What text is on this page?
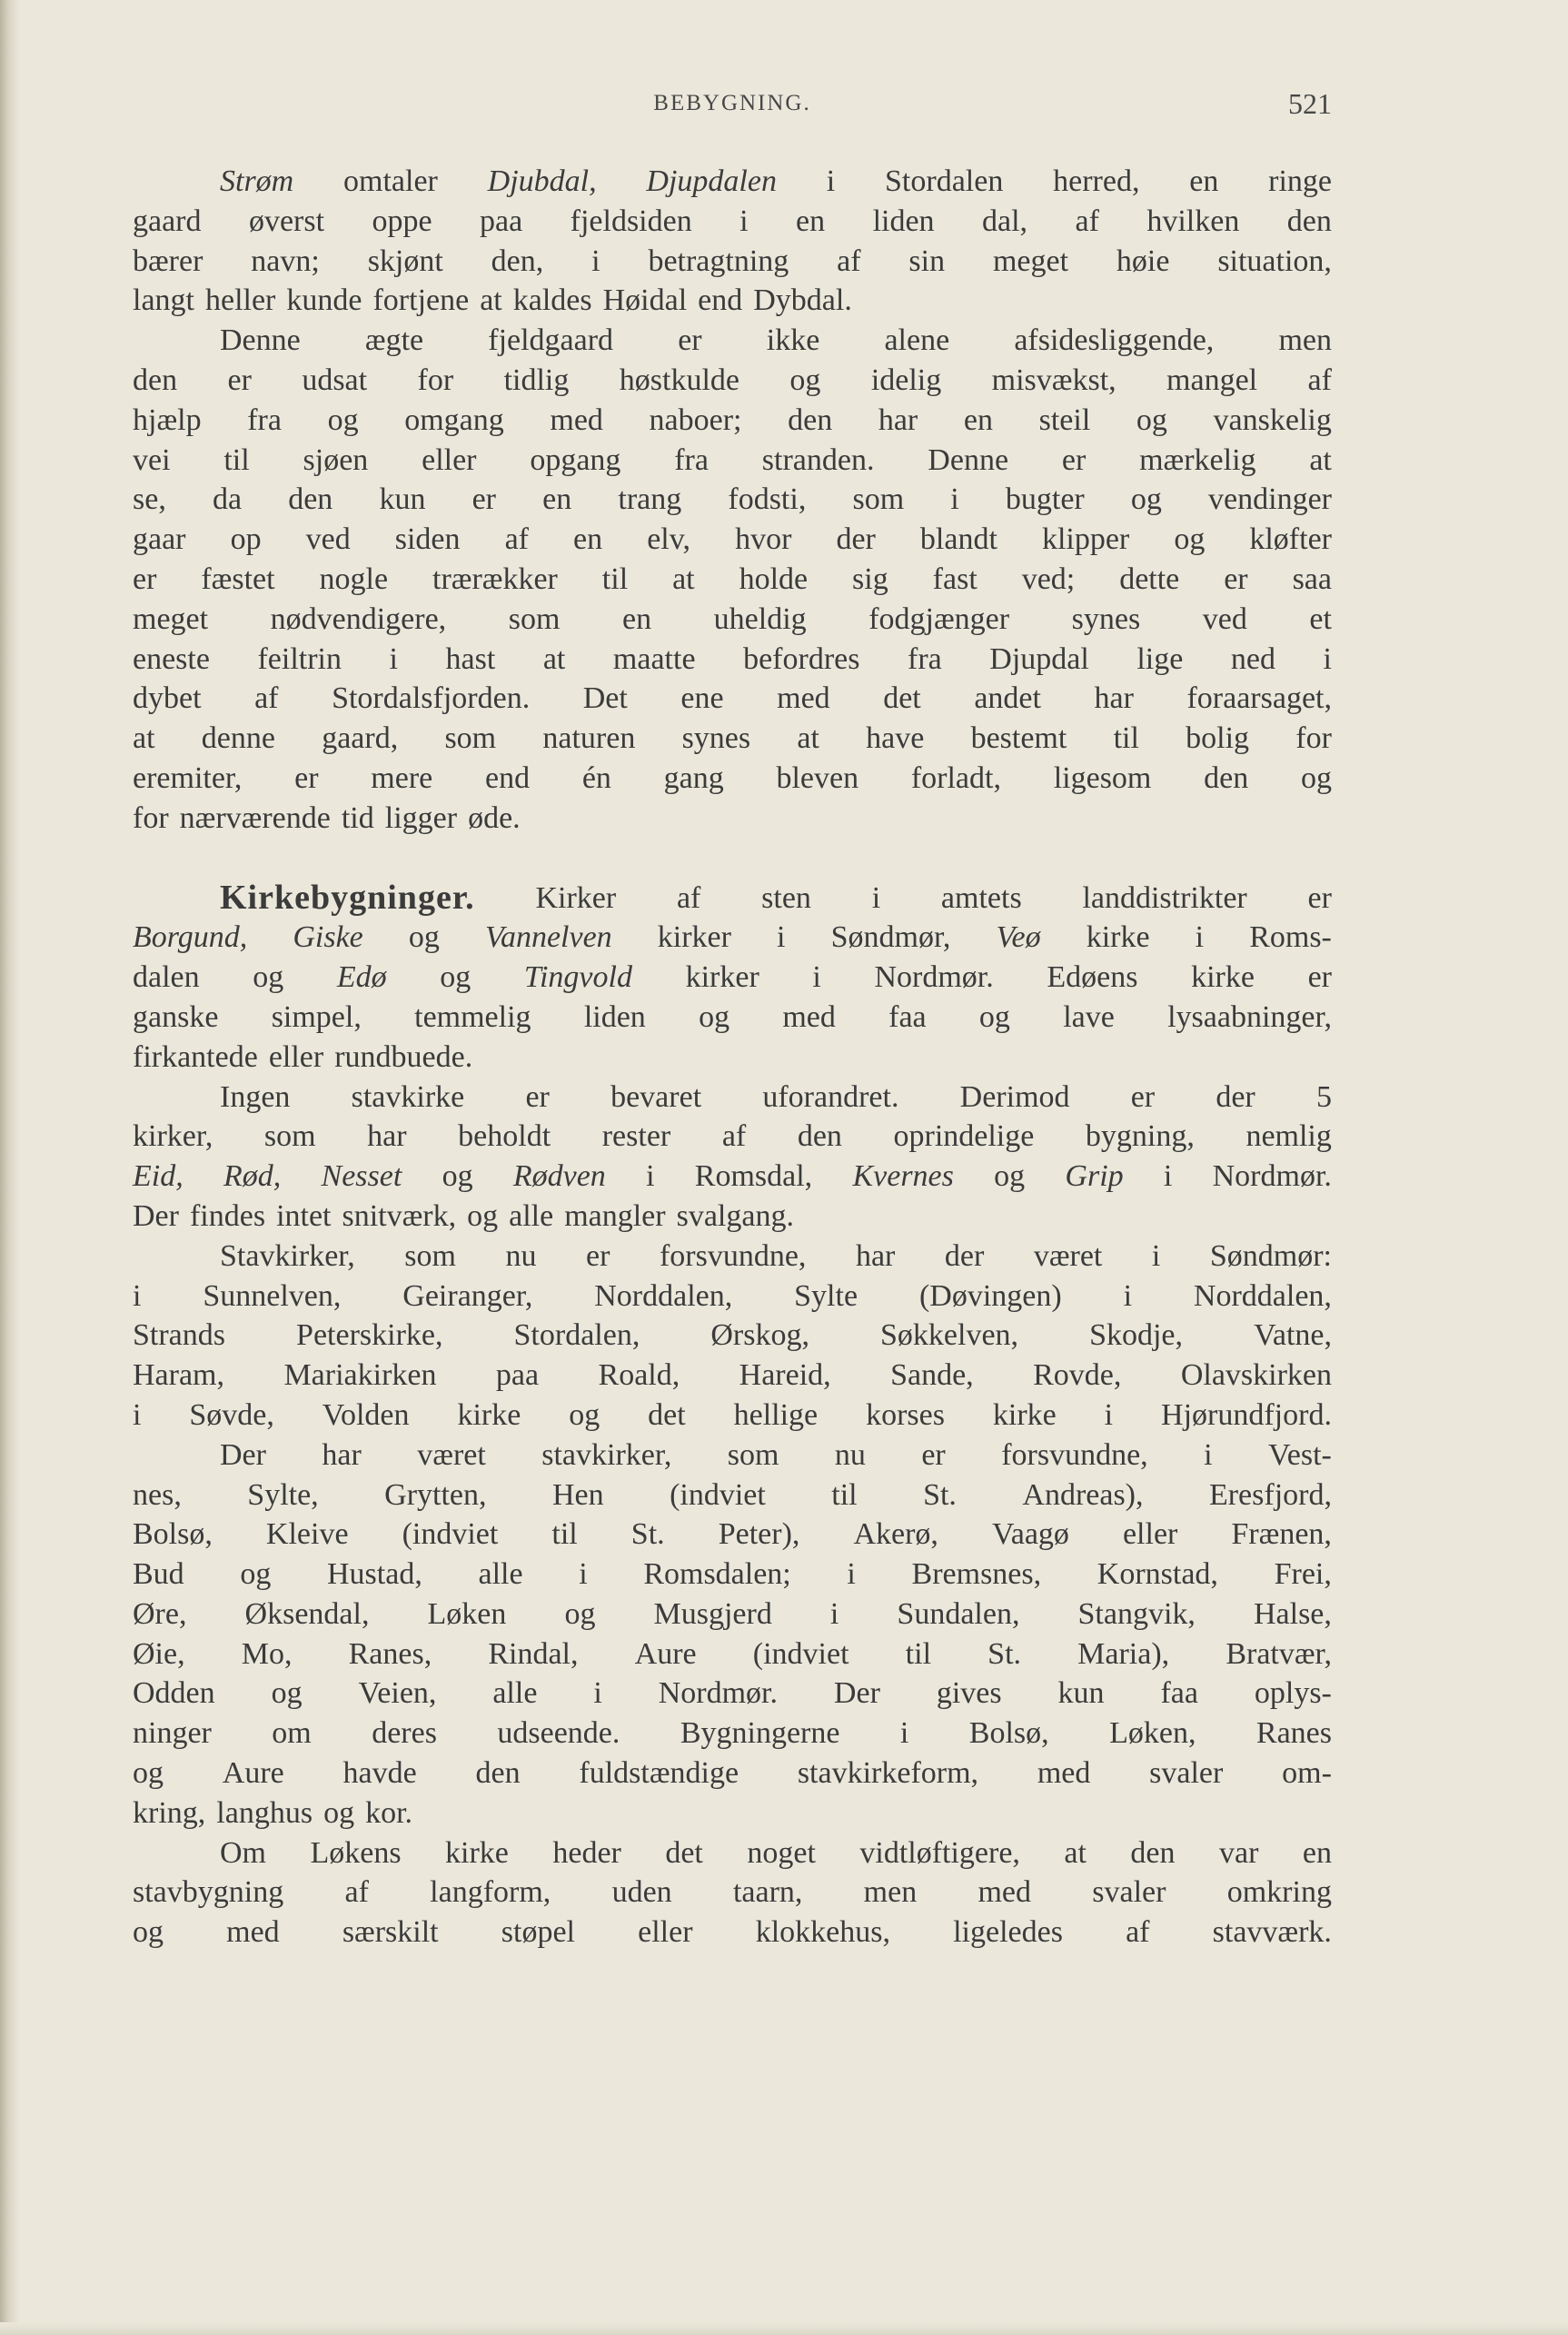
BEBYGNING.	521
Strøm omtaler Djubdal, Djupdalen i Stordalen herred, en ringe
gaard øverst oppe paa fjeldsiden i en liden dal, af hvilken den
bærer navn; skjønt den, i betragtning af sin meget høie situation,
langt heller kunde fortjene at kaldes Høidal end Dybdal.
Denne ægte fjeldgaard er ikke alene afsidesliggende, men
den er udsat for tidlig høstkulde og idelig misvækst, mangel af
hjælp fra og omgang med naboer; den har en steil og vanskelig
vei til sjøen eller opgang fra stranden. Denne er mærkelig at
se, da den kun er en trang fodsti, som i bugter og vendinger
gaar op ved siden af en elv, hvor der blandt klipper og kløfter
er fæstet nogle trærækker til at holde sig fast ved; dette er saa
meget nødvendigere, som en uheldig fodgjænger synes ved et
eneste feiltrin i hast at maatte befordres fra Djupdal lige ned i
dybet af Stordalsfjorden. Det ene med det andet har foraarsaget,
at denne gaard, som naturen synes at have bestemt til bolig for
eremiter, er mere end én gang bleven forladt, ligesom den og
for nærværende tid ligger øde.
Kirkebygninger. Kirker af sten i amtets landdistrikter er
Borgund, Giske og Vannelven kirker i Søndmør, Veø kirke i Roms-
dalen og Edø og Tingvold kirker i Nordmør. Edøens kirke er
ganske simpel, temmelig liden og med faa og lave lysaabninger,
firkantede eller rundbuede.
Ingen stavkirke er bevaret uforandret. Derimod er der 5
kirker, som har beholdt rester af den oprindelige bygning, nemlig
Eid, Rød, Nesset og Rødven i Romsdal, Kvernes og Grip i Nordmør.
Der findes intet snitværk, og alle mangler svalgang.
Stavkirker, som nu er forsvundne, har der været i Søndmør:
i Sunnelven, Geiranger, Norddalen, Sylte (Døvingen) i Norddalen,
Strands Peterskirke, Stordalen, Ørskog, Søkkelven, Skodje, Vatne,
Haram, Mariakirken paa Roald, Hareid, Sande, Rovde, Olavskirken
i Søvde, Volden kirke og det hellige korses kirke i Hjørundfjord.
Der har været stavkirker, som nu er forsvundne, i Vest-
nes, Sylte, Grytten, Hen (indviet til St. Andreas), Eresfjord,
Bolsø, Kleive (indviet til St. Peter), Akerø, Vaagø eller Frænen,
Bud og Hustad, alle i Romsdalen; i Bremsnes, Kornstad, Frei,
Øre, Øksendal, Løken og Musgjerd i Sundalen, Stangvik, Halse,
Øie, Mo, Ranes, Rindal, Aure (indviet til St. Maria), Bratvær,
Odden og Veien, alle i Nordmør. Der gives kun faa oplys-
ninger om deres udseende. Bygningerne i Bolsø, Løken, Ranes
og Aure havde den fuldstændige stavkirkeform, med svaler om-
kring, langhus og kor.
Om Løkens kirke heder det noget vidtløftigere, at den var en
stavbygning af langform, uden taarn, men med svaler omkring
og med særskilt støpel eller klokkehus, ligeledes af stavværk.
